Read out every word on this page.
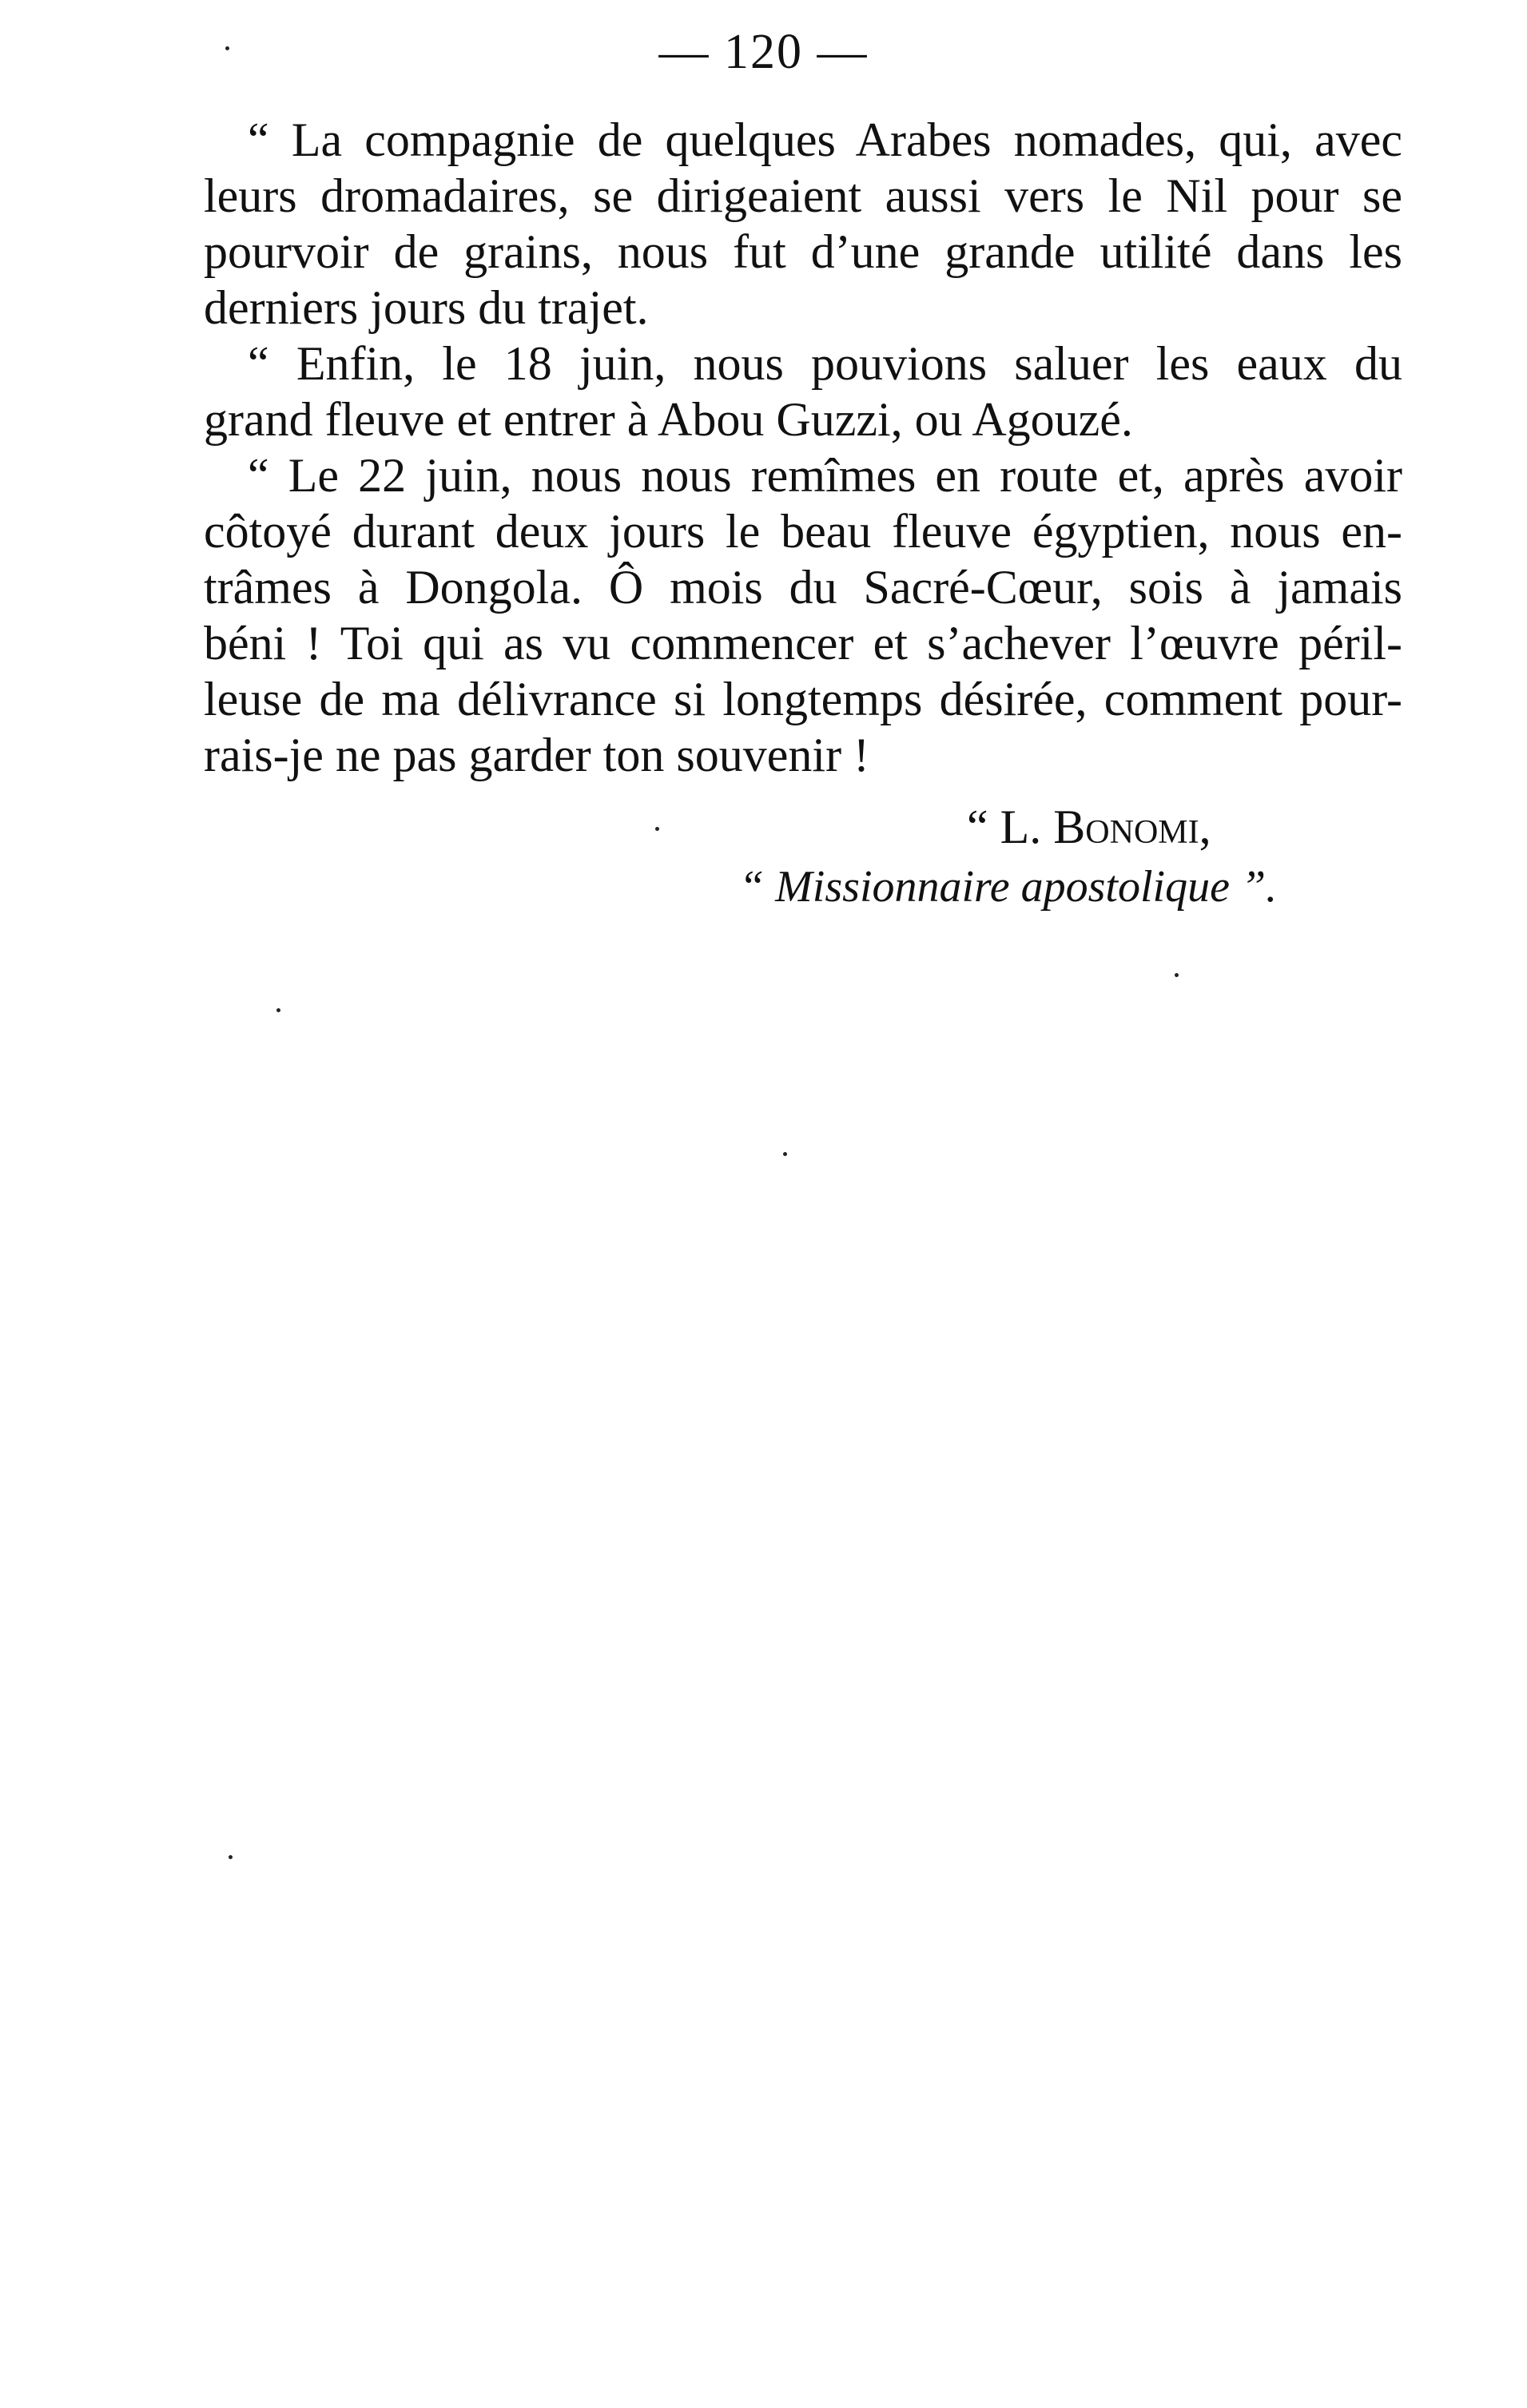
— 120 —

“ La compagnie de quelques Arabes nomades, qui, avec
leurs dromadaires, se dirigeaient aussi vers le Nil pour se
pourvoir de grains, nous fut d’une grande utilité dans les
derniers jours du trajet.

“ Enfin, le 18 juin, nous pouvions saluer les eaux du
grand fleuve et entrer à Abou Guzzi, ou Agouzé.

“ Le 22 juin, nous nous remîmes en route et, après avoir
côtoyé durant deux jours le beau fleuve égyptien, nous en-
trâmes à Dongola. Ô mois du Sacré-Cœur, sois à jamais
béni ! Toi qui as vu commencer et s’achever l’œuvre péril-
leuse de ma délivrance si longtemps désirée, comment pour-
rais-je ne pas garder ton souvenir !

“ L. Bonomi,
“ Missionnaire apostolique ”.
